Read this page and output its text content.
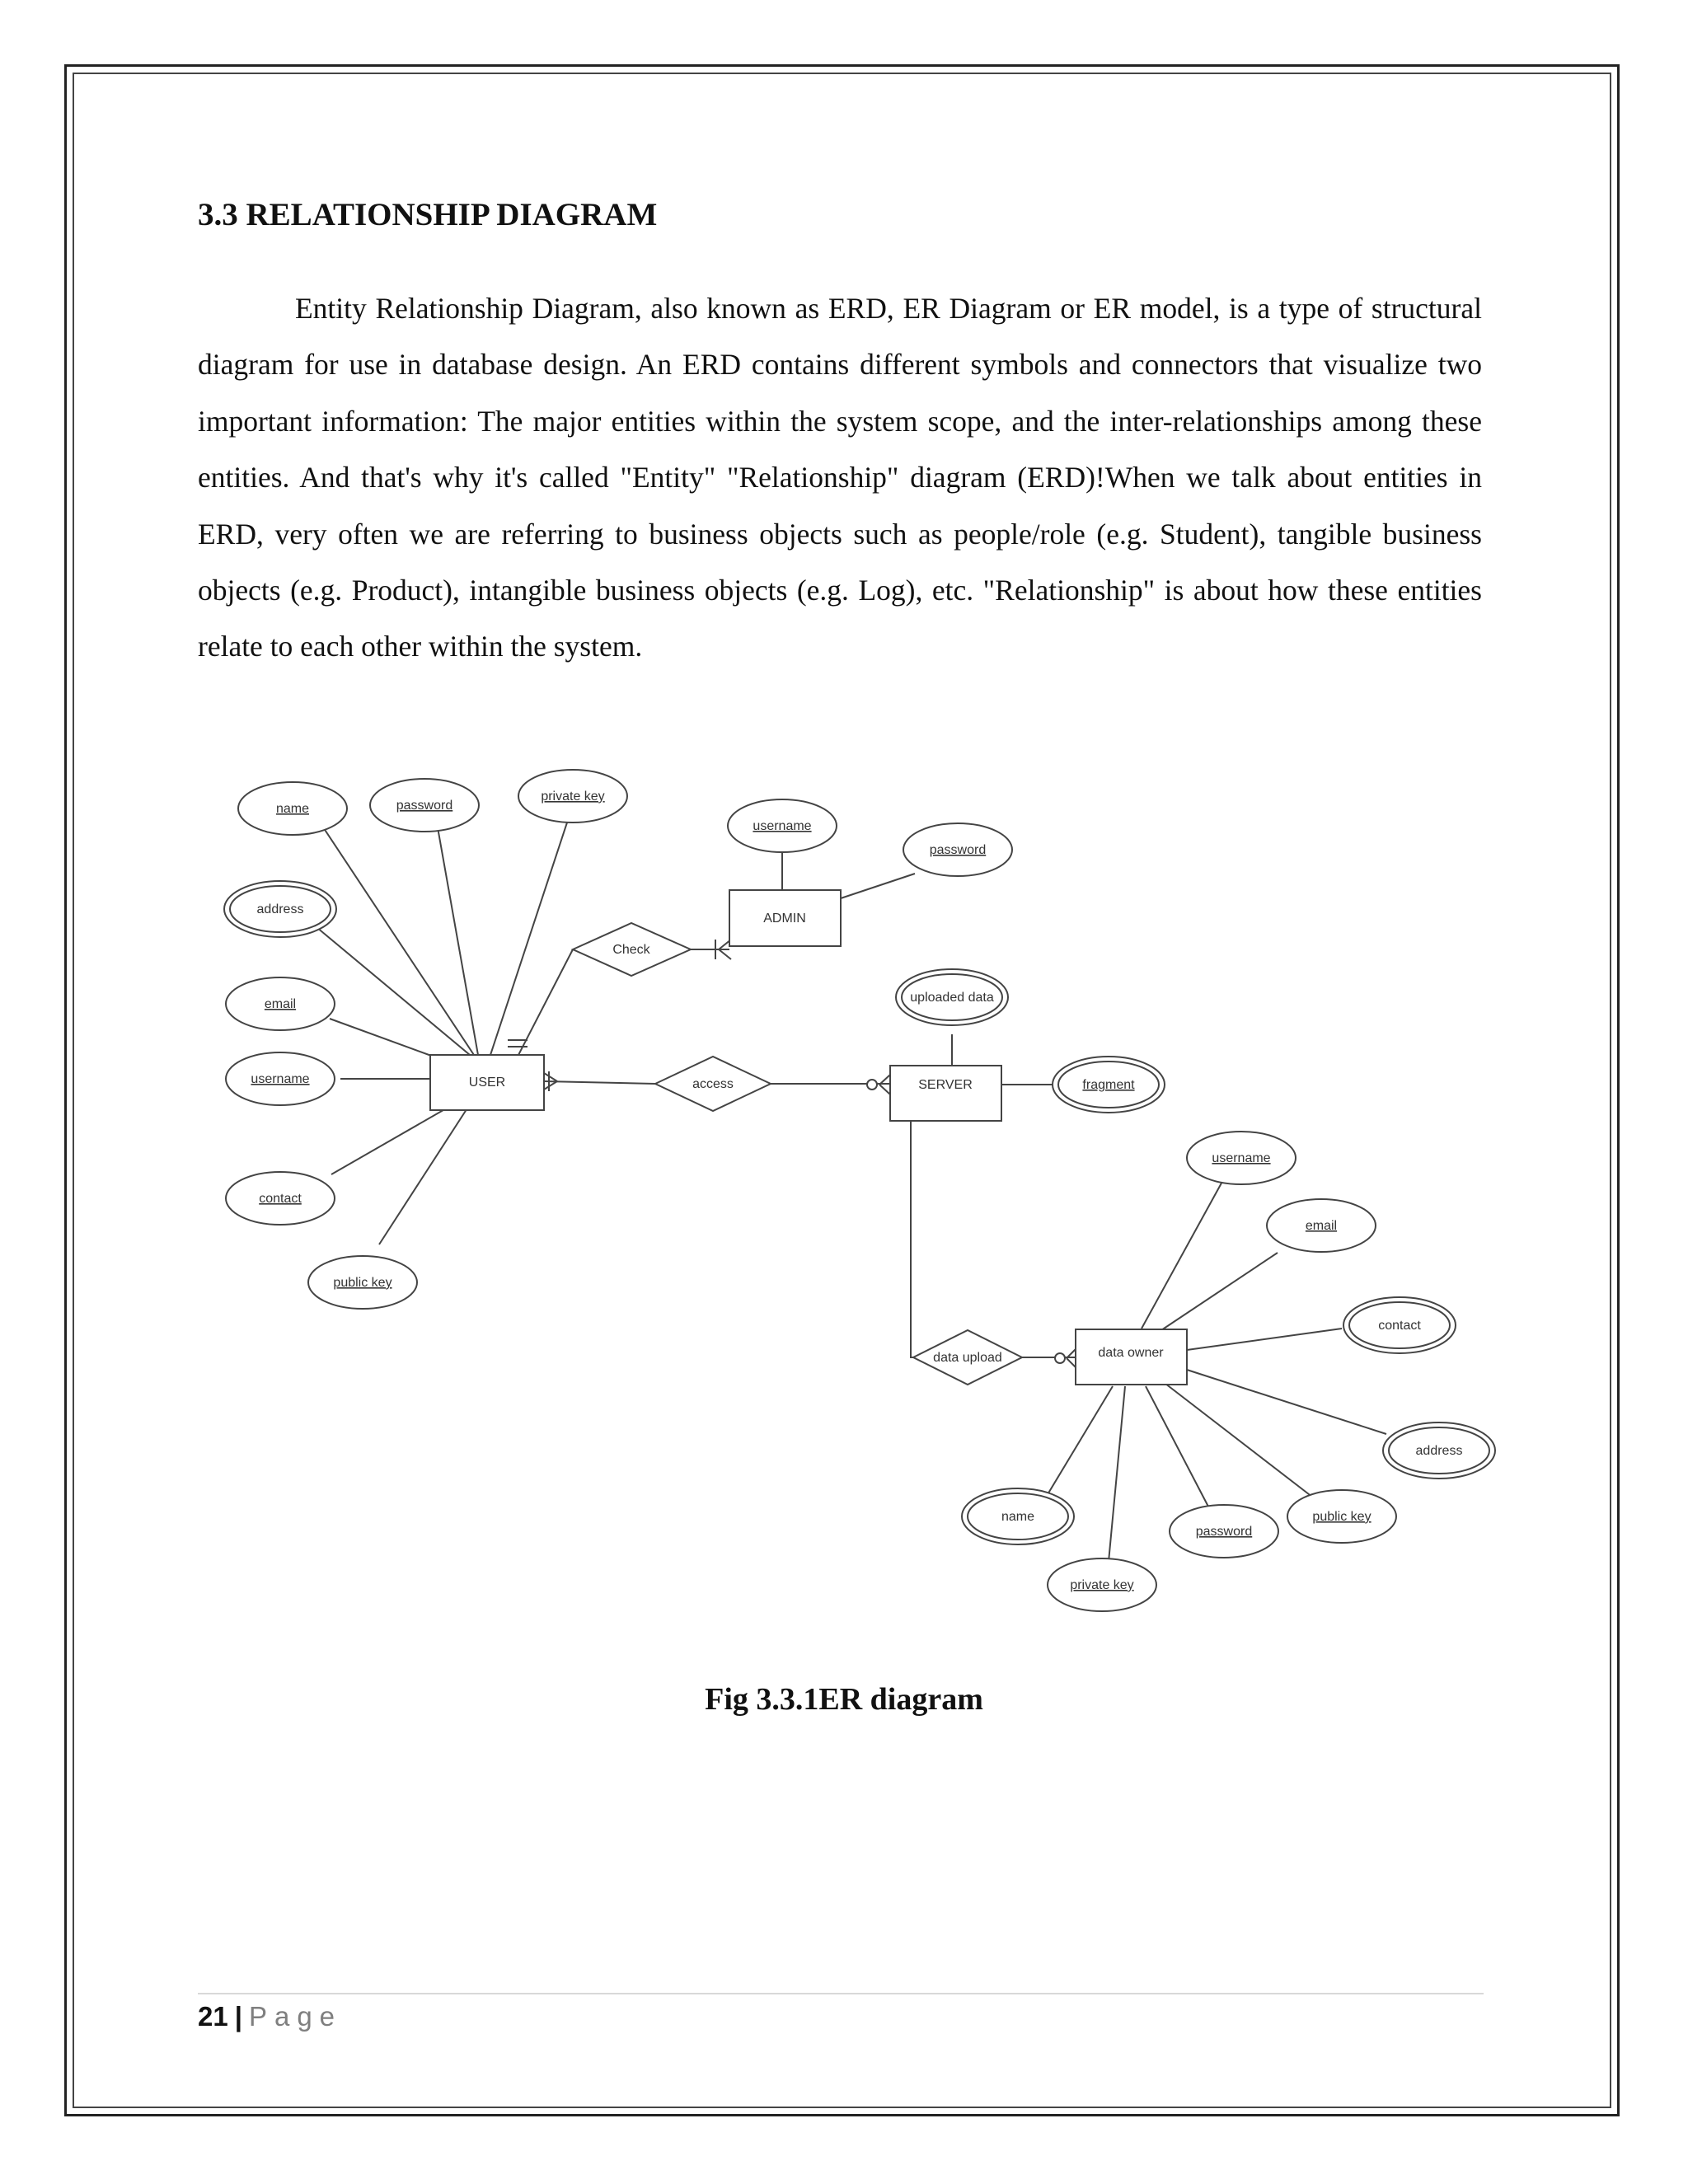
3.3 RELATIONSHIP DIAGRAM

Entity Relationship Diagram, also known as ERD, ER Diagram or ER model, is a type of structural diagram for use in database design. An ERD contains different symbols and connectors that visualize two important information: The major entities within the system scope, and the inter-relationships among these entities. And that's why it's called "Entity" "Relationship" diagram (ERD)!When we talk about entities in ERD, very often we are referring to business objects such as people/role (e.g. Student), tangible business objects (e.g. Product), intangible business objects (e.g. Log), etc. "Relationship" is about how these entities relate to each other within the system.

USER
ADMIN
SERVER
data owner
Check
access
data upload
name	password
private key
address
email
username
contact
public key
username
password
uploaded data
fragment
username
email
contact
address
public key
password
private key
name
Fig 3.3.1ER diagram
21 | Page
